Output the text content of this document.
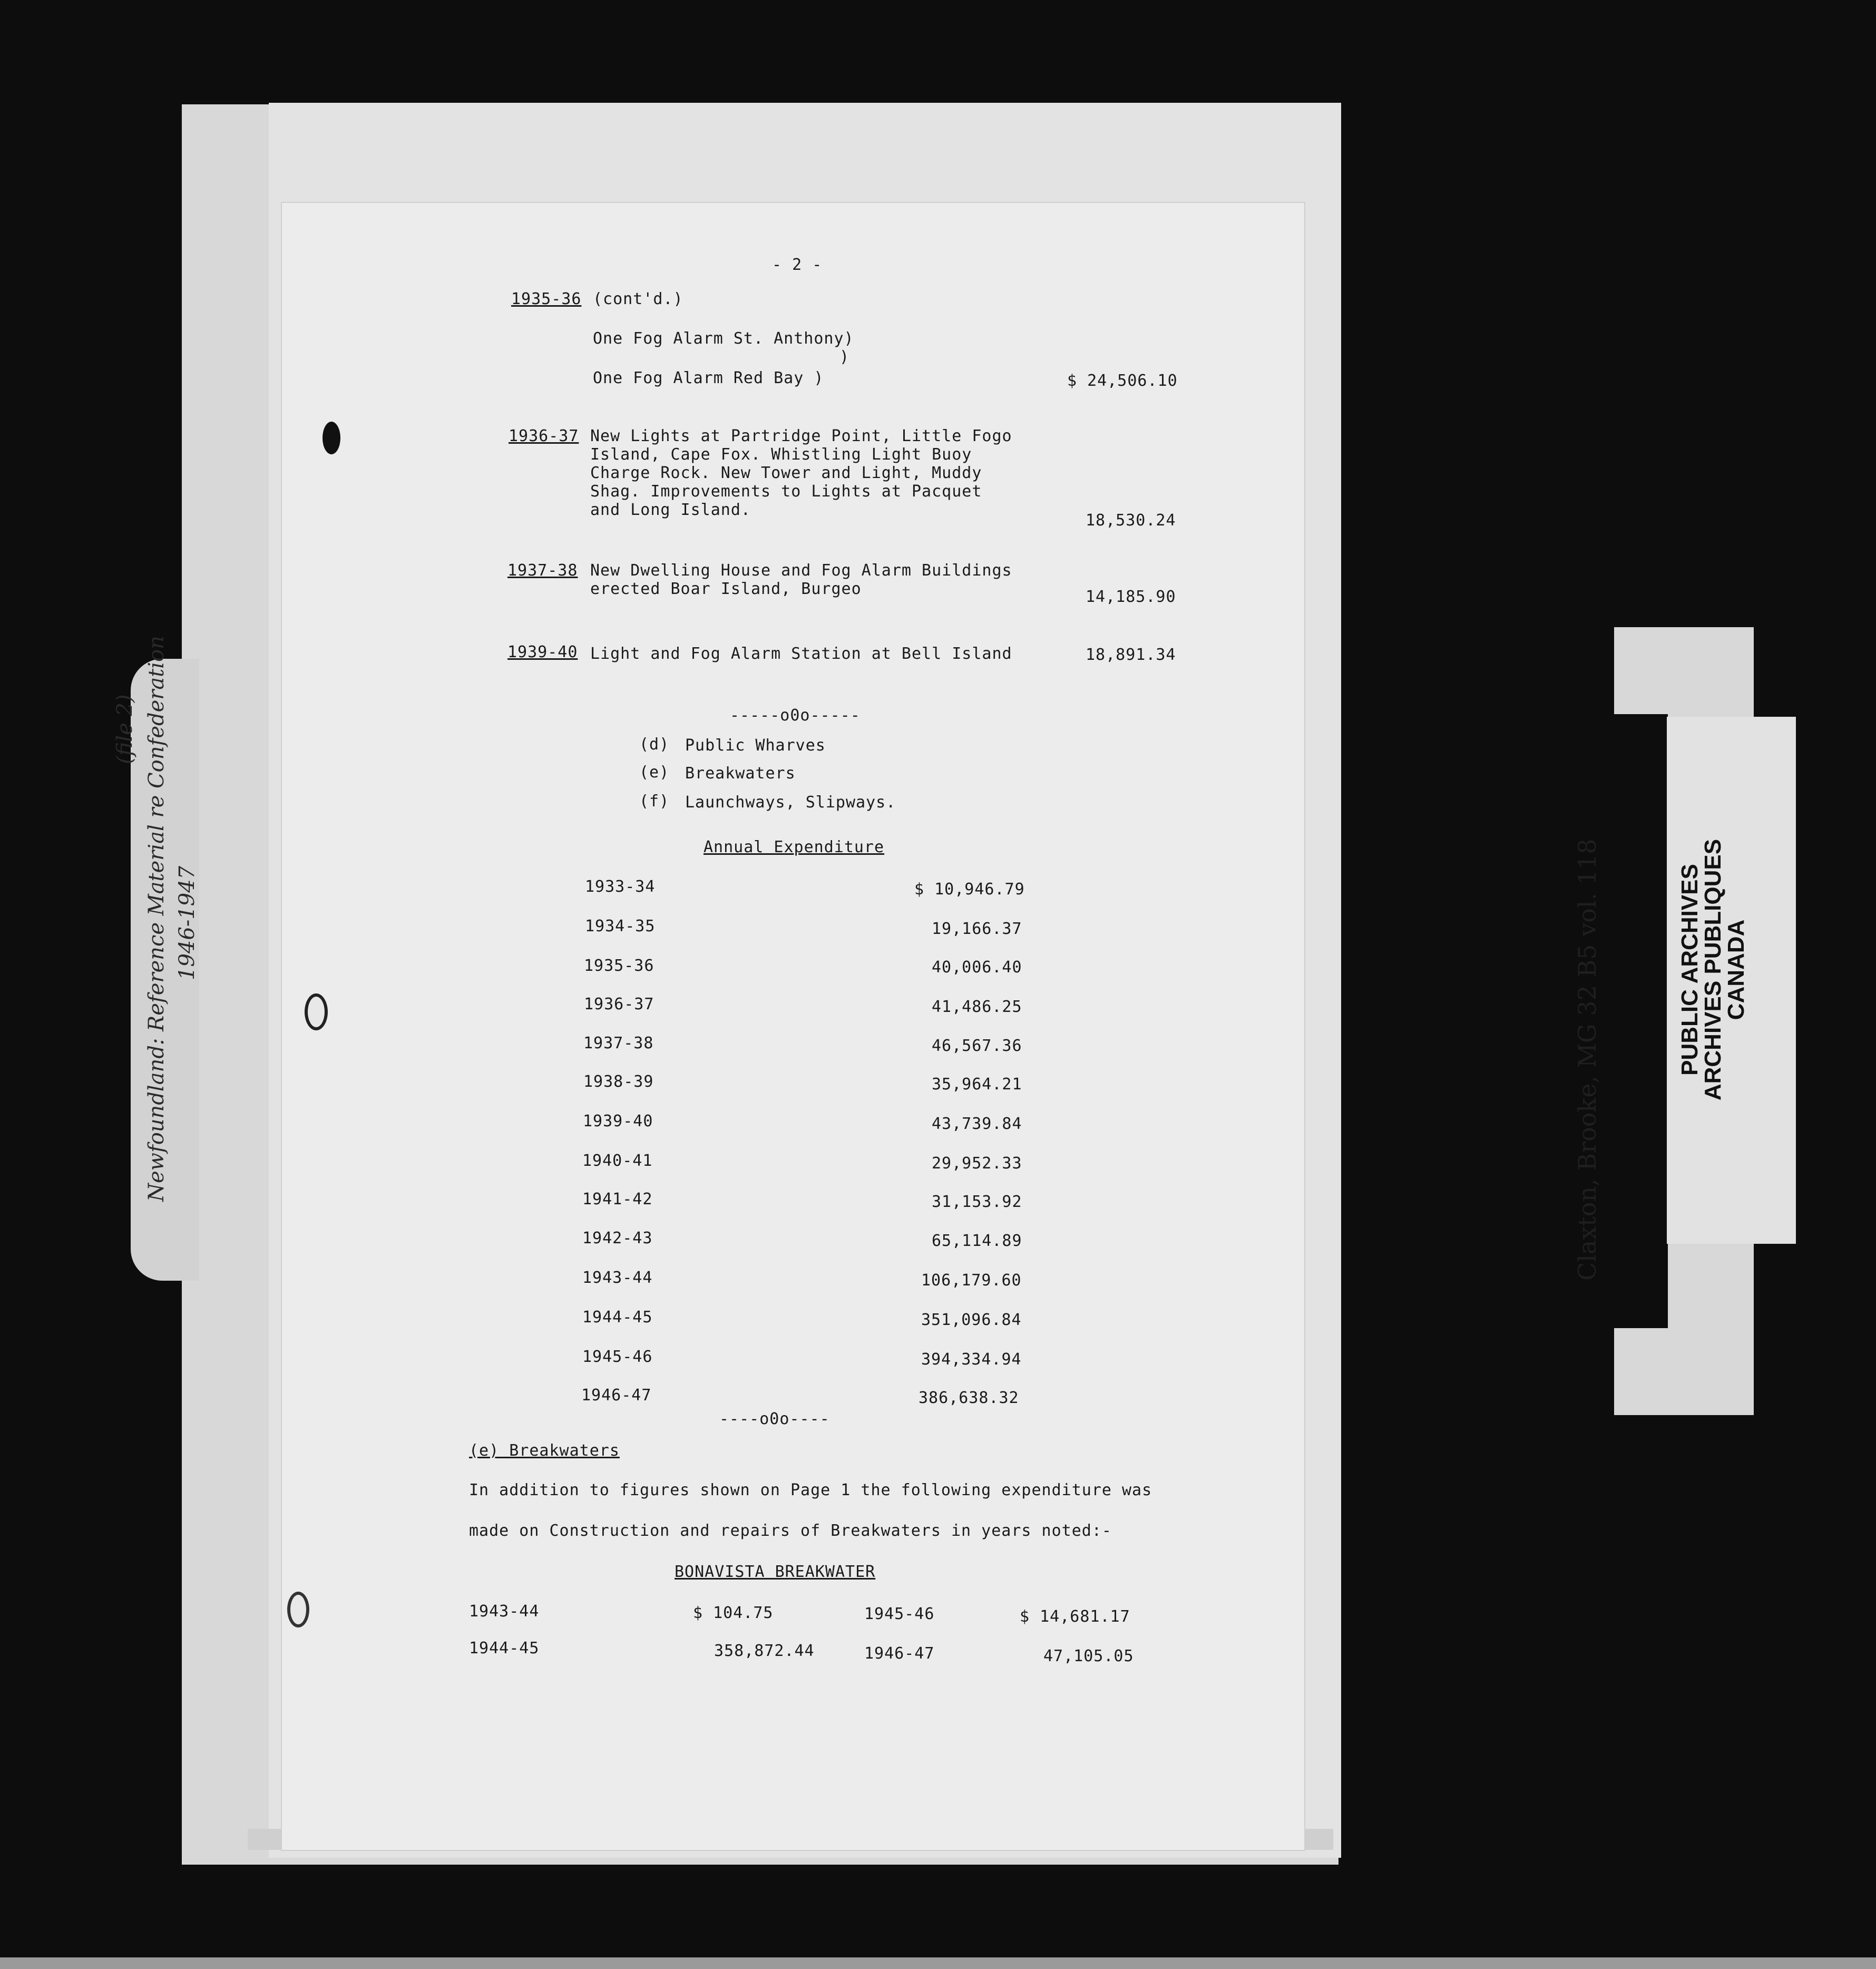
Newfoundland: Reference Material re Confederation 1946-1947
(file 2)
- 2 -
1935-36 (cont'd.)
One Fog Alarm St. Anthony)
)
One Fog Alarm Red Bay )	$ 24,506.10
1936-37 New Lights at Partridge Point, Little Fogo
Island, Cape Fox. Whistling Light Buoy
Charge Rock. New Tower and Light, Muddy
Shag. Improvements to Lights at Pacquet
and Long Island.
18,530.24
1937-38 New Dwelling House and Fog Alarm Buildings
erected Boar Island, Burgeo	14,185.90
1939-40 Light and Fog Alarm Station at Bell Island	18,891.34
-----o0o-----
(d) Public Wharves
(e) Breakwaters
(f) Launchways, Slipways.
Annual Expenditure
1933-34	$ 10,946.79
1934-35	19,166.37
1935-36	40,006.40
1936-37	41,486.25
1937-38	46,567.36
1938-39	35,964.21
1939-40	43,739.84
1940-41	29,952.33
1941-42	31,153.92
1942-43	65,114.89
1943-44	106,179.60
1944-45	351,096.84
1945-46	394,334.94
1946-47	386,638.32
----o0o----
(e) Breakwaters
In addition to figures shown on Page 1 the following expenditure was
made on Construction and repairs of Breakwaters in years noted:-
BONAVISTA BREAKWATER
1943-44	$ 104.75	1945-46	$ 14,681.17
1944-45	358,872.44	1946-47	47,105.05
Claxton, Brooke, MG 32 B5 vol. 118	PUBLIC ARCHIVES
ARCHIVES PUBLIQUES
CANADA
